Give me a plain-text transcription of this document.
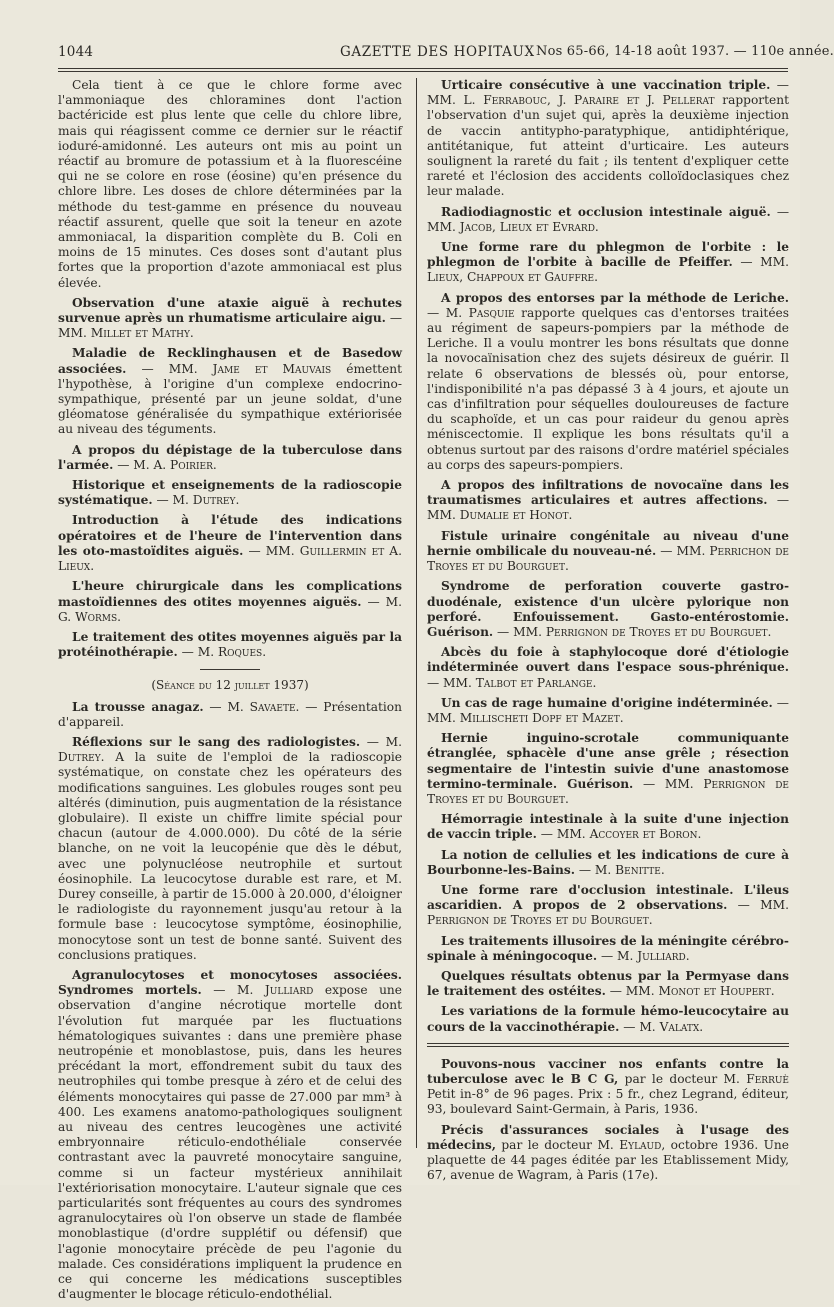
1044	GAZETTE DES HOPITAUX Nos 65-66, 14-18 août 1937. — 110e année.

Cela tient à ce que le chlore forme avec l'ammoniaque des chloramines dont l'action bactéricide est plus lente que celle du chlore libre, mais qui réagissent comme ce dernier sur le réactif ioduré-amidonné. Les auteurs ont mis au point un réactif au bromure de potassium et à la fluorescéine qui ne se colore en rose (éosine) qu'en présence du chlore libre. Les doses de chlore déterminées par la méthode du test-gamme en présence du nouveau réactif assurent, quelle que soit la teneur en azote ammoniacal, la disparition complète du B. Coli en moins de 15 minutes. Ces doses sont d'autant plus fortes que la proportion d'azote ammoniacal est plus élevée.

Observation d'une ataxie aiguë à rechutes survenue après un rhumatisme articulaire aigu. — MM. Millet et Mathy.

Maladie de Recklinghausen et de Basedow associées. — MM. Jame et Mauvais émettent l'hypothèse, à l'origine d'un complexe endocrino-sympathique, présenté par un jeune soldat, d'une gléomatose généralisée du sympathique extériorisée au niveau des téguments.

A propos du dépistage de la tuberculose dans l'armée. — M. A. Poirier.

Historique et enseignements de la radioscopie systématique. — M. Dutrey.

Introduction à l'étude des indications opératoires et de l'heure de l'intervention dans les oto-mastoïdites aiguës. — MM. Guillermin et A. Lieux.

L'heure chirurgicale dans les complications mastoïdiennes des otites moyennes aiguës. — M. G. Worms.

Le traitement des otites moyennes aiguës par la protéinothérapie. — M. Roques.

(Séance du 12 juillet 1937)

La trousse anagaz. — M. Savaete. — Présentation d'appareil.

Réflexions sur le sang des radiologistes. — M. Dutrey. A la suite de l'emploi de la radioscopie systématique, on constate chez les opérateurs des modifications sanguines. Les globules rouges sont peu altérés (diminution, puis augmentation de la résistance globulaire). Il existe un chiffre limite spécial pour chacun (autour de 4.000.000). Du côté de la série blanche, on ne voit la leucopénie que dès le début, avec une polynucléose neutrophile et surtout éosinophile. La leucocytose durable est rare, et M. Durey conseille, à partir de 15.000 à 20.000, d'éloigner le radiologiste du rayonnement jusqu'au retour à la formule base : leucocytose symptôme, éosinophilie, monocytose sont un test de bonne santé. Suivent des conclusions pratiques.

Agranulocytoses et monocytoses associées. Syndromes mortels. — M. Julliard expose une observation d'angine nécrotique mortelle dont l'évolution fut marquée par les fluctuations hématologiques suivantes : dans une première phase neutropénie et monoblastose, puis, dans les heures précédant la mort, effondrement subit du taux des neutrophiles qui tombe presque à zéro et de celui des éléments monocytaires qui passe de 27.000 par mm³ à 400. Les examens anatomo-pathologiques soulignent au niveau des centres leucogènes une activité embryonnaire réticulo-endothéliale conservée contrastant avec la pauvreté monocytaire sanguine, comme si un facteur mystérieux annihilait l'extériorisation monocytaire. L'auteur signale que ces particularités sont fréquentes au cours des syndromes agranulocytaires où l'on observe un stade de flambée monoblastique (d'ordre supplétif ou défensif) que l'agonie monocytaire précède de peu l'agonie du malade. Ces considérations impliquent la prudence en ce qui concerne les médications susceptibles d'augmenter le blocage réticulo-endothélial.

Urticaire consécutive à une vaccination triple. — MM. L. Ferrabouc, J. Paraire et J. Pellerat rapportent l'observation d'un sujet qui, après la deuxième injection de vaccin antitypho-paratyphique, antidiphtérique, antitétanique, fut atteint d'urticaire. Les auteurs soulignent la rareté du fait ; ils tentent d'expliquer cette rareté et l'éclosion des accidents colloïdoclasiques chez leur malade.

Radiodiagnostic et occlusion intestinale aiguë. — MM. Jacob, Lieux et Evrard.

Une forme rare du phlegmon de l'orbite : le phlegmon de l'orbite à bacille de Pfeiffer. — MM. Lieux, Chappoux et Gauffre.

A propos des entorses par la méthode de Leriche. — M. Pasquie rapporte quelques cas d'entorses traitées au régiment de sapeurs-pompiers par la méthode de Leriche. Il a voulu montrer les bons résultats que donne la novocaïnisation chez des sujets désireux de guérir. Il relate 6 observations de blessés où, pour entorse, l'indisponibilité n'a pas dépassé 3 à 4 jours, et ajoute un cas d'infiltration pour séquelles douloureuses de facture du scaphoïde, et un cas pour raideur du genou après méniscectomie. Il explique les bons résultats qu'il a obtenus surtout par des raisons d'ordre matériel spéciales au corps des sapeurs-pompiers.

A propos des infiltrations de novocaïne dans les traumatismes articulaires et autres affections. — MM. Dumalie et Honot.

Fistule urinaire congénitale au niveau d'une hernie ombilicale du nouveau-né. — MM. Perrichon de Troyes et du Bourguet.

Syndrome de perforation couverte gastro-duodénale, existence d'un ulcère pylorique non perforé. Enfouissement. Gasto-entérostomie. Guérison. — MM. Perrignon de Troyes et du Bourguet.

Abcès du foie à staphylocoque doré d'étiologie indéterminée ouvert dans l'espace sous-phrénique. — MM. Talbot et Parlange.

Un cas de rage humaine d'origine indéterminée. — MM. Millischeti Dopf et Mazet.

Hernie inguino-scrotale communiquante étranglée, sphacèle d'une anse grêle ; résection segmentaire de l'intestin suivie d'une anastomose termino-terminale. Guérison. — MM. Perrignon de Troyes et du Bourguet.

Hémorragie intestinale à la suite d'une injection de vaccin triple. — MM. Accoyer et Boron.

La notion de cellulies et les indications de cure à Bourbonne-les-Bains. — M. Benitte.

Une forme rare d'occlusion intestinale. L'ileus ascaridien. A propos de 2 observations. — MM. Perrignon de Troyes et du Bourguet.

Les traitements illusoires de la méningite cérébro-spinale à méningocoque. — M. Julliard.

Quelques résultats obtenus par la Permyase dans le traitement des ostéites. — MM. Monot et Houpert.

Les variations de la formule hémo-leucocytaire au cours de la vaccinothérapie. — M. Valatx.

Pouvons-nous vacciner nos enfants contre la tuberculose avec le B C G, par le docteur M. Ferruè Petit in-8° de 96 pages. Prix : 5 fr., chez Legrand, éditeur, 93, boulevard Saint-Germain, à Paris, 1936.

Précis d'assurances sociales à l'usage des médecins, par le docteur M. Eylaud, octobre 1936. Une plaquette de 44 pages éditée par les Etablissement Midy, 67, avenue de Wagram, à Paris (17e).
